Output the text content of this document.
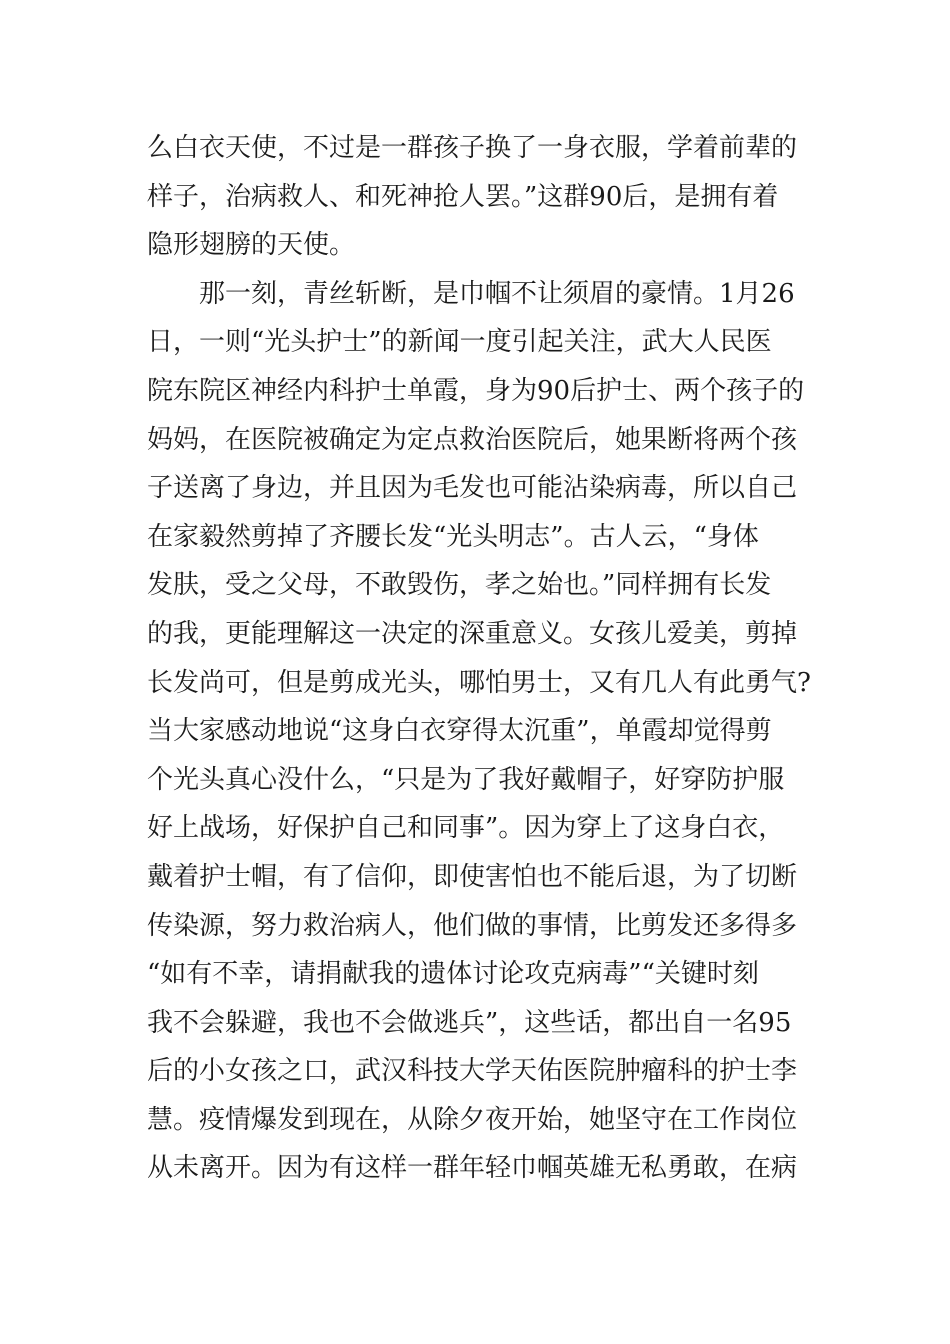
么白衣天使，不过是一群孩子换了一身衣服，学着前辈的
样子，治病救人、和死神抢人罢。”这群90后，是拥有着
隐形翅膀的天使。
那一刻，青丝斩断，是巾帼不让须眉的豪情。1月26
日，一则“光头护士”的新闻一度引起关注，武大人民医
院东院区神经内科护士单霞，身为90后护士、两个孩子的
妈妈，在医院被确定为定点救治医院后，她果断将两个孩
子送离了身边，并且因为毛发也可能沾染病毒，所以自己
在家毅然剪掉了齐腰长发“光头明志”。古人云，“身体
发肤，受之父母，不敢毁伤，孝之始也。”同样拥有长发
的我，更能理解这一决定的深重意义。女孩儿爱美，剪掉
长发尚可，但是剪成光头，哪怕男士，又有几人有此勇气?
当大家感动地说“这身白衣穿得太沉重”，单霞却觉得剪
个光头真心没什么，“只是为了我好戴帽子，好穿防护服
好上战场，好保护自己和同事”。因为穿上了这身白衣，
戴着护士帽，有了信仰，即使害怕也不能后退，为了切断
传染源，努力救治病人，他们做的事情，比剪发还多得多
“如有不幸，请捐献我的遗体讨论攻克病毒”“关键时刻
我不会躲避，我也不会做逃兵”，这些话，都出自一名95
后的小女孩之口，武汉科技大学天佑医院肿瘤科的护士李
慧。疫情爆发到现在，从除夕夜开始，她坚守在工作岗位
从未离开。因为有这样一群年轻巾帼英雄无私勇敢，在病
